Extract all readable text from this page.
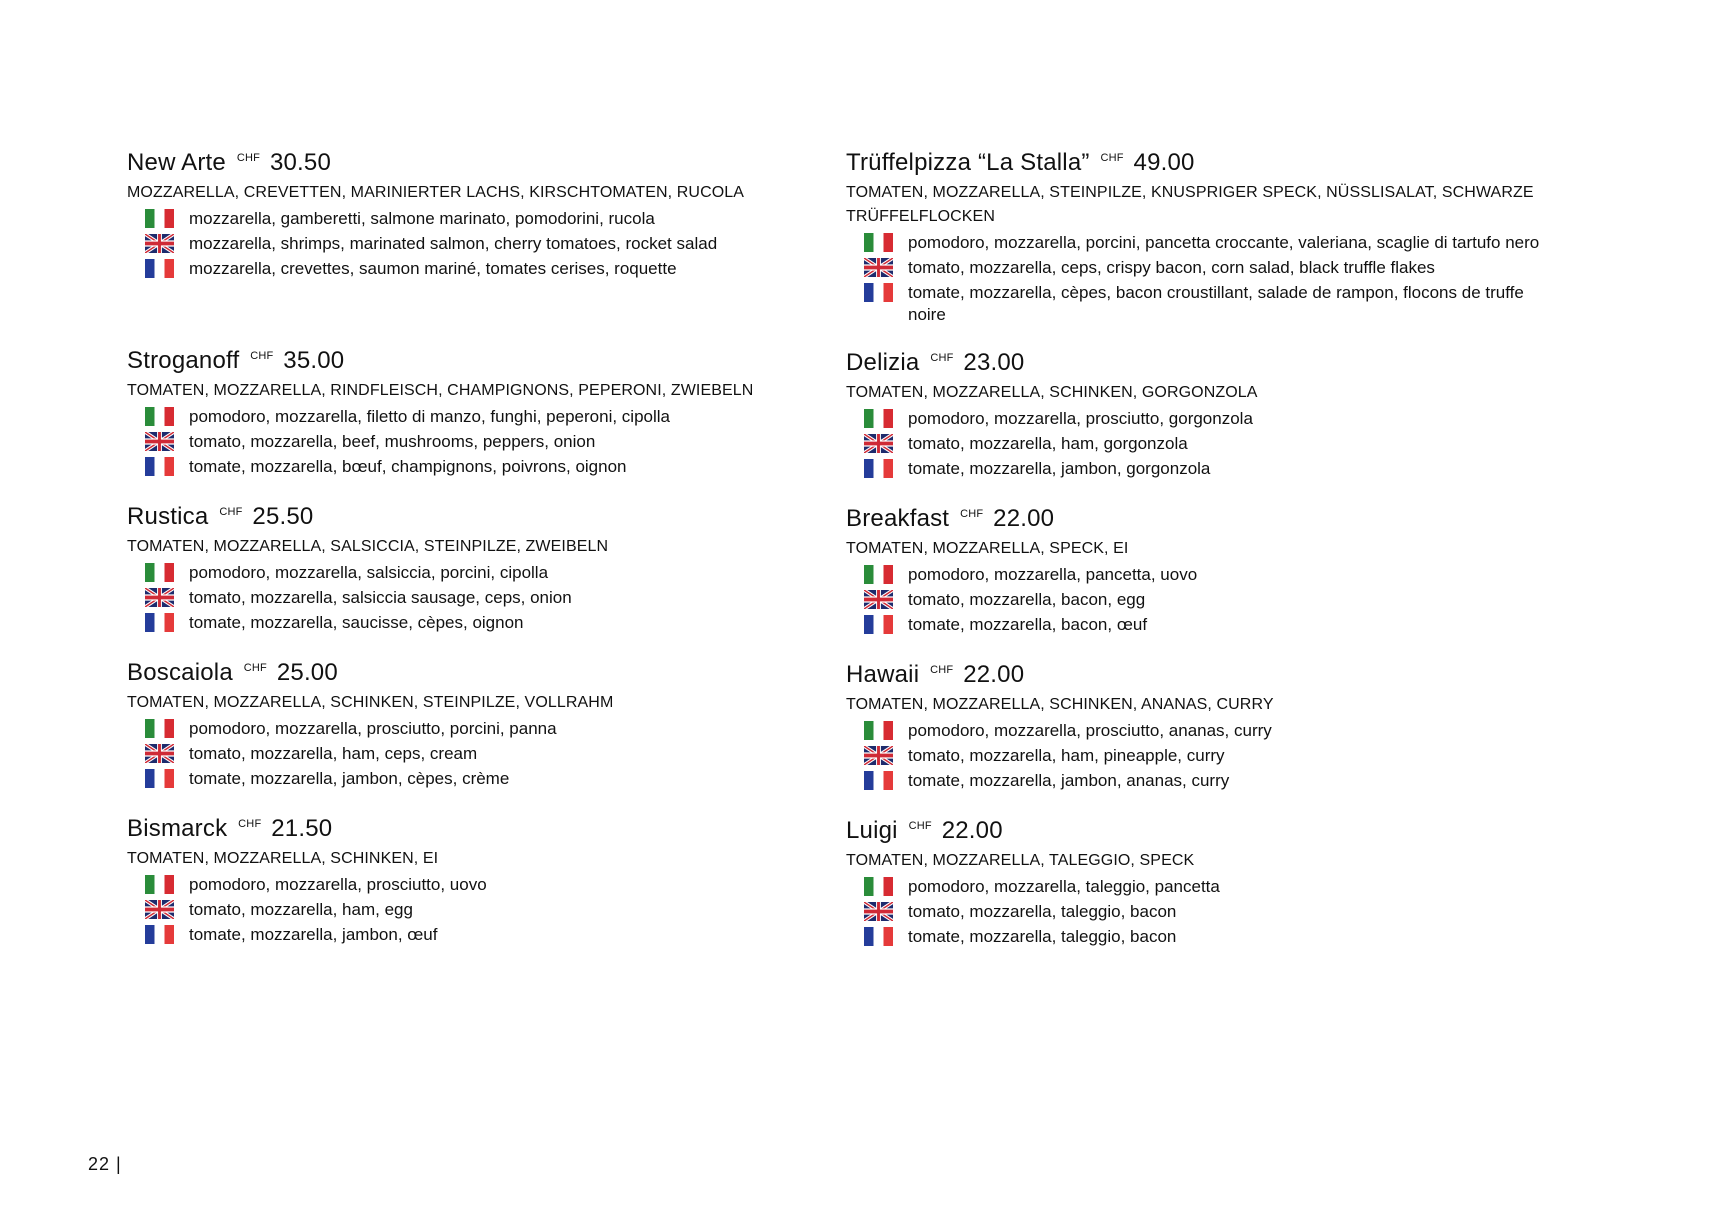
New Arte $^{CHF}$ 30.50
MOZZARELLA, CREVETTEN, MARINIERTER LACHS, KIRSCHTOMATEN, RUCOLA
mozzarella, gamberetti, salmone marinato, pomodorini, rucola
mozzarella, shrimps, marinated salmon, cherry tomatoes, rocket salad
mozzarella, crevettes, saumon mariné, tomates cerises, roquette
Stroganoff $^{CHF}$ 35.00
TOMATEN, MOZZARELLA, RINDFLEISCH, CHAMPIGNONS, PEPERONI, ZWIEBELN
pomodoro, mozzarella, filetto di manzo, funghi, peperoni, cipolla
tomato, mozzarella, beef, mushrooms, peppers, onion
tomate, mozzarella, bœuf, champignons, poivrons, oignon
Rustica $^{CHF}$ 25.50
TOMATEN, MOZZARELLA, SALSICCIA, STEINPILZE, ZWEIBELN
pomodoro, mozzarella, salsiccia, porcini, cipolla
tomato, mozzarella, salsiccia sausage, ceps, onion
tomate, mozzarella, saucisse, cèpes, oignon
Boscaiola $^{CHF}$ 25.00
TOMATEN, MOZZARELLA, SCHINKEN, STEINPILZE, VOLLRAHM
pomodoro, mozzarella, prosciutto, porcini, panna
tomato, mozzarella, ham, ceps, cream
tomate, mozzarella, jambon, cèpes, crème
Bismarck $^{CHF}$ 21.50
TOMATEN, MOZZARELLA, SCHINKEN, EI
pomodoro, mozzarella, prosciutto, uovo
tomato, mozzarella, ham, egg
tomate, mozzarella, jambon, œuf
Trüffelpizza “La Stalla” $^{CHF}$ 49.00
TOMATEN, MOZZARELLA, STEINPILZE, KNUSPRIGER SPECK, NÜSSLISALAT, SCHWARZE TRÜFFELFLOCKEN
pomodoro, mozzarella, porcini, pancetta croccante, valeriana, scaglie di tartufo nero
tomato, mozzarella, ceps, crispy bacon, corn salad, black truffle flakes
tomate, mozzarella, cèpes, bacon croustillant, salade de rampon, flocons de truffe noire
Delizia $^{CHF}$ 23.00
TOMATEN, MOZZARELLA, SCHINKEN, GORGONZOLA
pomodoro, mozzarella, prosciutto, gorgonzola
tomato, mozzarella, ham, gorgonzola
tomate, mozzarella, jambon, gorgonzola
Breakfast $^{CHF}$ 22.00
TOMATEN, MOZZARELLA, SPECK, EI
pomodoro, mozzarella, pancetta, uovo
tomato, mozzarella, bacon, egg
tomate, mozzarella, bacon, œuf
Hawaii $^{CHF}$ 22.00
TOMATEN, MOZZARELLA, SCHINKEN, ANANAS, CURRY
pomodoro, mozzarella, prosciutto, ananas, curry
tomato, mozzarella, ham, pineapple, curry
tomate, mozzarella, jambon, ananas, curry
Luigi $^{CHF}$ 22.00
TOMATEN, MOZZARELLA, TALEGGIO, SPECK
pomodoro, mozzarella, taleggio, pancetta
tomato, mozzarella, taleggio, bacon
tomate, mozzarella, taleggio, bacon
22 |
